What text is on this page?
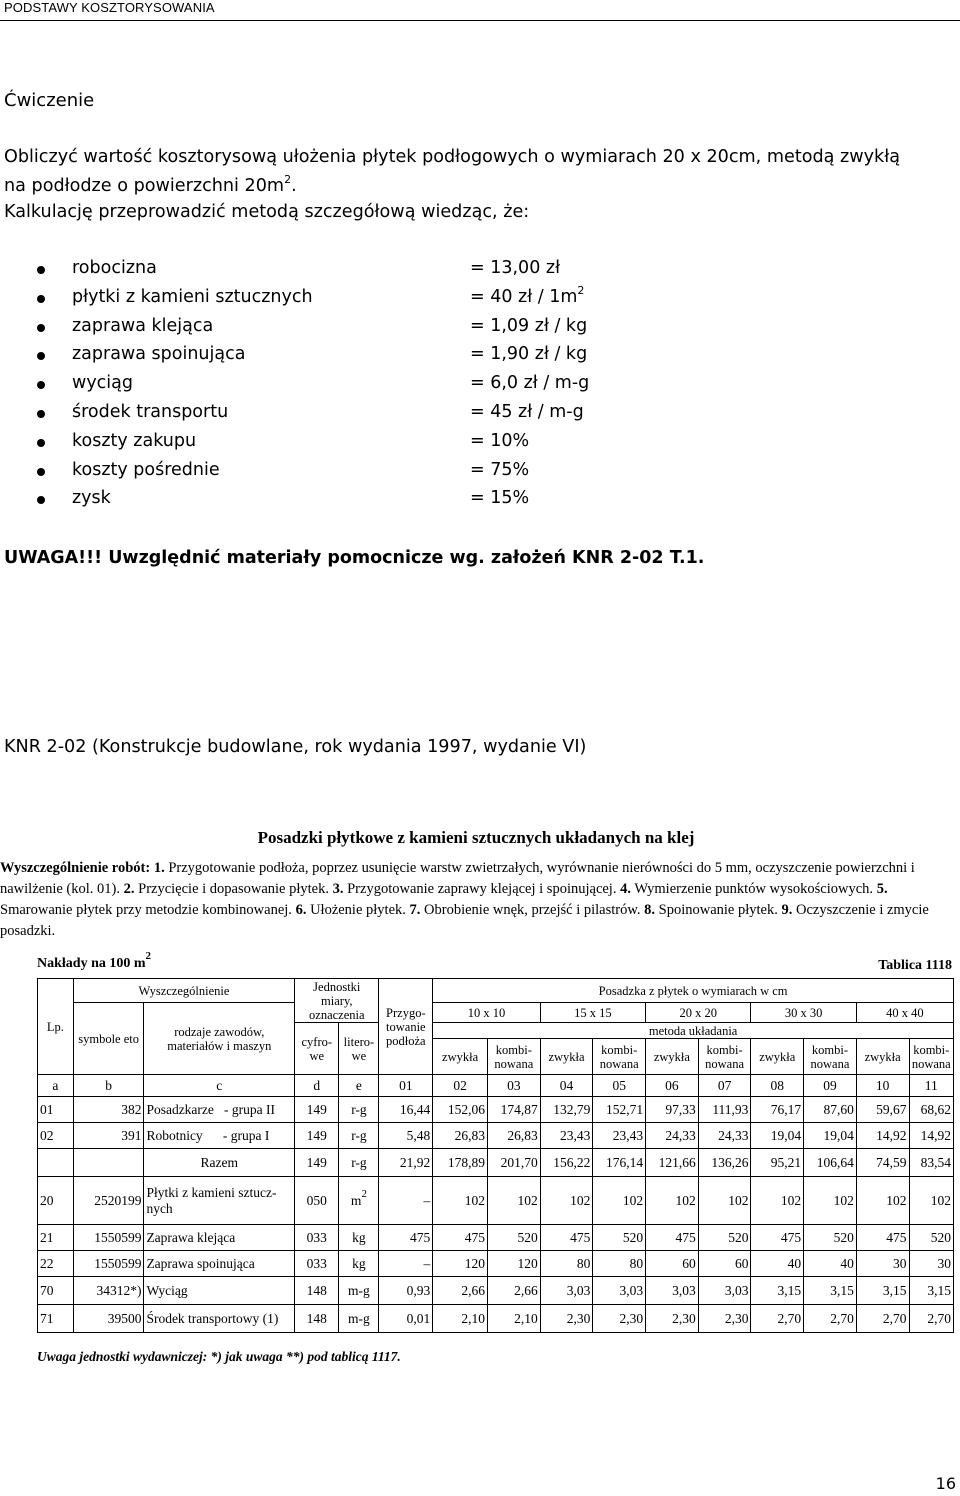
PODSTAWY KOSZTORYSOWANIA
Ćwiczenie
Obliczyć wartość kosztorysową ułożenia płytek podłogowych o wymiarach 20 x 20cm, metodą zwykłą
na podłodze o powierzchni $20m^2$.
Kalkulację przeprowadzić metodą szczegółową wiedząc, że:
robocizna	= 13,00 zł
płytki z kamieni sztucznych	= 40 zł / $1m^2$
zaprawa klejąca	= 1,09 zł / kg
zaprawa spoinująca	= 1,90 zł / kg
wyciąg	= 6,0 zł / m-g
środek transportu	= 45 zł / m-g
koszty zakupu	= 10%
koszty pośrednie	= 75%
zysk	= 15%
UWAGA!!! Uwzględnić materiały pomocnicze wg. założeń KNR 2-02 T.1.
KNR 2-02 (Konstrukcje budowlane, rok wydania 1997, wydanie VI)
Posadzki płytkowe z kamieni sztucznych układanych na klej
Wyszczególnienie robót: 1. Przygotowanie podłoża, poprzez usunięcie warstw zwietrzałych, wyrównanie nierówności do 5 mm, oczyszczenie powierzchni i nawilżenie (kol. 01). 2. Przycięcie i dopasowanie płytek. 3. Przygotowanie zaprawy klejącej i spoinującej. 4. Wymierzenie punktów wysokościowych. 5. Smarowanie płytek przy metodzie kombinowanej. 6. Ułożenie płytek. 7. Obrobienie wnęk, przejść i pilastrów. 8. Spoinowanie płytek. 9. Oczyszczenie i zmycie posadzki.
Nakłady na 100 $m^2$
Tablica 1118
Lp.	Wyszczególnienie		Jednostki miary, oznaczenia		Przygo- towanie podłoża	Posadzka z płytek o wymiarach w cm									
	symbole eto	rodzaje zawodów, materiałów i maszyn				10 x 10		15 x 15		20 x 20		30 x 30		40 x 40	
			cyfro- we	litero- we		metoda układania									
						zwykła	kombi- nowana	zwykła	kombi- nowana	zwykła	kombi- nowana	zwykła	kombi- nowana	zwykła	kombi- nowana
a	b	c	d	e	01	02	03	04	05	06	07	08	09	10	11
01	382	Posadzkarze   - grupa II	149	r-g	16,44	152,06	174,87	132,79	152,71	97,33	111,93	76,17	87,60	59,67	68,62
02	391	Robotnicy      - grupa I	149	r-g	5,48	26,83	26,83	23,43	23,43	24,33	24,33	19,04	19,04	14,92	14,92
		Razem	149	r-g	21,92	178,89	201,70	156,22	176,14	121,66	136,26	95,21	106,64	74,59	83,54
20	2520199	Płytki z kamieni sztucz- nych	050	$m^2$	–	102	102	102	102	102	102	102	102	102	102
21	1550599	Zaprawa klejąca	033	kg	475	475	520	475	520	475	520	475	520	475	520
22	1550599	Zaprawa spoinująca	033	kg	–	120	120	80	80	60	60	40	40	30	30
70	34312*)	Wyciąg	148	m-g	0,93	2,66	2,66	3,03	3,03	3,03	3,03	3,15	3,15	3,15	3,15
71	39500	Środek transportowy (1)	148	m-g	0,01	2,10	2,10	2,30	2,30	2,30	2,30	2,70	2,70	2,70	2,70
Uwaga jednostki wydawniczej: *) jak uwaga **) pod tablicą 1117.
16
